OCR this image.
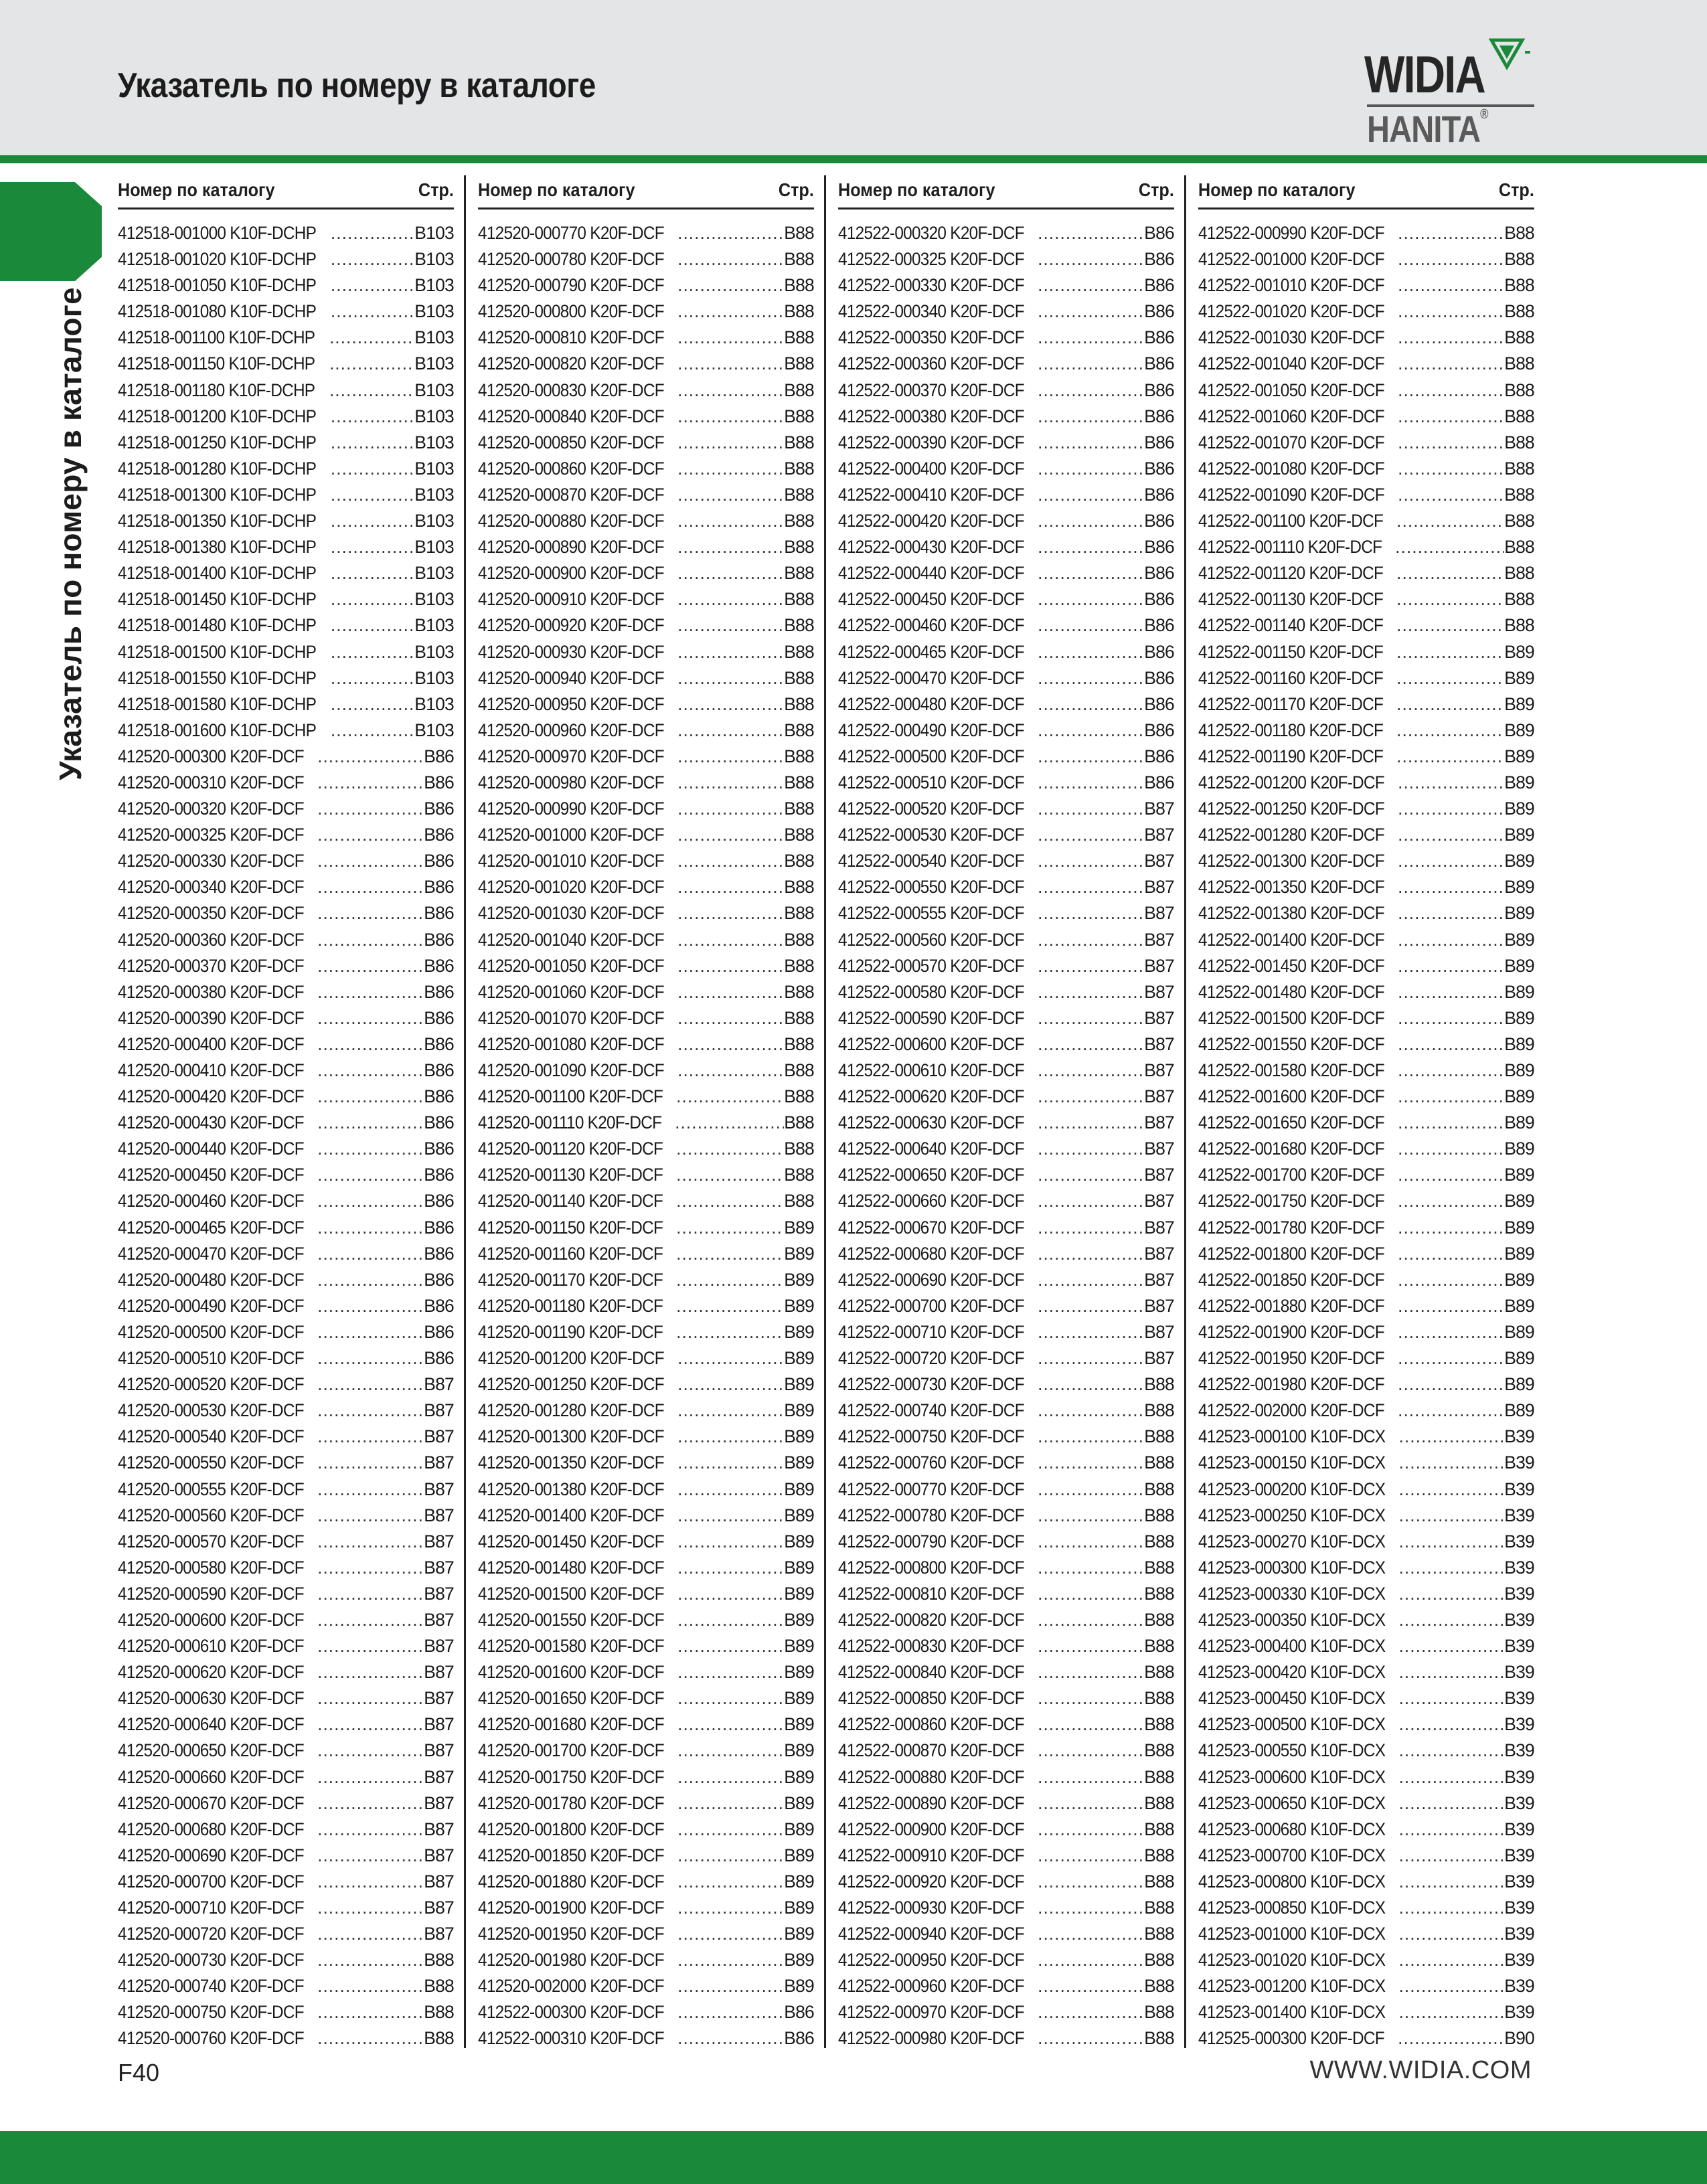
Указатель по номеру в каталоге	WIDIA
HANITA®
Указатель по номеру в каталоге
Номер по каталогу	Стр.
412518-001000 K10F-DCHP .....	B103
412518-001020 K10F-DCHP .....	B103
412518-001050 K10F-DCHP .....	B103
412518-001080 K10F-DCHP .....	B103
412518-001100 K10F-DCHP .....	B103
412518-001150 K10F-DCHP .....	B103
412518-001180 K10F-DCHP .....	B103
412518-001200 K10F-DCHP .....	B103
412518-001250 K10F-DCHP .....	B103
412518-001280 K10F-DCHP .....	B103
412518-001300 K10F-DCHP .....	B103
412518-001350 K10F-DCHP .....	B103
412518-001380 K10F-DCHP .....	B103
412518-001400 K10F-DCHP .....	B103
412518-001450 K10F-DCHP .....	B103
412518-001480 K10F-DCHP .....	B103
412518-001500 K10F-DCHP .....	B103
412518-001550 K10F-DCHP .....	B103
412518-001580 K10F-DCHP .....	B103
412518-001600 K10F-DCHP .....	B103
412520-000300 K20F-DCF .....	B86
412520-000310 K20F-DCF .....	B86
412520-000320 K20F-DCF .....	B86
412520-000325 K20F-DCF .....	B86
412520-000330 K20F-DCF .....	B86
412520-000340 K20F-DCF .....	B86
412520-000350 K20F-DCF .....	B86
412520-000360 K20F-DCF .....	B86
412520-000370 K20F-DCF .....	B86
412520-000380 K20F-DCF .....	B86
412520-000390 K20F-DCF .....	B86
412520-000400 K20F-DCF .....	B86
412520-000410 K20F-DCF .....	B86
412520-000420 K20F-DCF .....	B86
412520-000430 K20F-DCF .....	B86
412520-000440 K20F-DCF .....	B86
412520-000450 K20F-DCF .....	B86
412520-000460 K20F-DCF .....	B86
412520-000465 K20F-DCF .....	B86
412520-000470 K20F-DCF .....	B86
412520-000480 K20F-DCF .....	B86
412520-000490 K20F-DCF .....	B86
412520-000500 K20F-DCF .....	B86
412520-000510 K20F-DCF .....	B86
412520-000520 K20F-DCF .....	B87
412520-000530 K20F-DCF .....	B87
412520-000540 K20F-DCF .....	B87
412520-000550 K20F-DCF .....	B87
412520-000555 K20F-DCF .....	B87
412520-000560 K20F-DCF .....	B87
412520-000570 K20F-DCF .....	B87
412520-000580 K20F-DCF .....	B87
412520-000590 K20F-DCF .....	B87
412520-000600 K20F-DCF .....	B87
412520-000610 K20F-DCF .....	B87
412520-000620 K20F-DCF .....	B87
412520-000630 K20F-DCF .....	B87
412520-000640 K20F-DCF .....	B87
412520-000650 K20F-DCF .....	B87
412520-000660 K20F-DCF .....	B87
412520-000670 K20F-DCF .....	B87
412520-000680 K20F-DCF .....	B87
412520-000690 K20F-DCF .....	B87
412520-000700 K20F-DCF .....	B87
412520-000710 K20F-DCF .....	B87
412520-000720 K20F-DCF .....	B87
412520-000730 K20F-DCF .....	B88
412520-000740 K20F-DCF .....	B88
412520-000750 K20F-DCF .....	B88
412520-000760 K20F-DCF .....	B88
Номер по каталогу	Стр.
412520-000770 K20F-DCF .....	B88
412520-000780 K20F-DCF .....	B88
412520-000790 K20F-DCF .....	B88
412520-000800 K20F-DCF .....	B88
412520-000810 K20F-DCF .....	B88
412520-000820 K20F-DCF .....	B88
412520-000830 K20F-DCF .....	B88
412520-000840 K20F-DCF .....	B88
412520-000850 K20F-DCF .....	B88
412520-000860 K20F-DCF .....	B88
412520-000870 K20F-DCF .....	B88
412520-000880 K20F-DCF .....	B88
412520-000890 K20F-DCF .....	B88
412520-000900 K20F-DCF .....	B88
412520-000910 K20F-DCF .....	B88
412520-000920 K20F-DCF .....	B88
412520-000930 K20F-DCF .....	B88
412520-000940 K20F-DCF .....	B88
412520-000950 K20F-DCF .....	B88
412520-000960 K20F-DCF .....	B88
412520-000970 K20F-DCF .....	B88
412520-000980 K20F-DCF .....	B88
412520-000990 K20F-DCF .....	B88
412520-001000 K20F-DCF .....	B88
412520-001010 K20F-DCF .....	B88
412520-001020 K20F-DCF .....	B88
412520-001030 K20F-DCF .....	B88
412520-001040 K20F-DCF .....	B88
412520-001050 K20F-DCF .....	B88
412520-001060 K20F-DCF .....	B88
412520-001070 K20F-DCF .....	B88
412520-001080 K20F-DCF .....	B88
412520-001090 K20F-DCF .....	B88
412520-001100 K20F-DCF .....	B88
412520-001110 K20F-DCF .....	B88
412520-001120 K20F-DCF .....	B88
412520-001130 K20F-DCF .....	B88
412520-001140 K20F-DCF .....	B88
412520-001150 K20F-DCF .....	B89
412520-001160 K20F-DCF .....	B89
412520-001170 K20F-DCF .....	B89
412520-001180 K20F-DCF .....	B89
412520-001190 K20F-DCF .....	B89
412520-001200 K20F-DCF .....	B89
412520-001250 K20F-DCF .....	B89
412520-001280 K20F-DCF .....	B89
412520-001300 K20F-DCF .....	B89
412520-001350 K20F-DCF .....	B89
412520-001380 K20F-DCF .....	B89
412520-001400 K20F-DCF .....	B89
412520-001450 K20F-DCF .....	B89
412520-001480 K20F-DCF .....	B89
412520-001500 K20F-DCF .....	B89
412520-001550 K20F-DCF .....	B89
412520-001580 K20F-DCF .....	B89
412520-001600 K20F-DCF .....	B89
412520-001650 K20F-DCF .....	B89
412520-001680 K20F-DCF .....	B89
412520-001700 K20F-DCF .....	B89
412520-001750 K20F-DCF .....	B89
412520-001780 K20F-DCF .....	B89
412520-001800 K20F-DCF .....	B89
412520-001850 K20F-DCF .....	B89
412520-001880 K20F-DCF .....	B89
412520-001900 K20F-DCF .....	B89
412520-001950 K20F-DCF .....	B89
412520-001980 K20F-DCF .....	B89
412520-002000 K20F-DCF .....	B89
412522-000300 K20F-DCF .....	B86
412522-000310 K20F-DCF .....	B86
Номер по каталогу	Стр.
412522-000320 K20F-DCF .....	B86
412522-000325 K20F-DCF .....	B86
412522-000330 K20F-DCF .....	B86
412522-000340 K20F-DCF .....	B86
412522-000350 K20F-DCF .....	B86
412522-000360 K20F-DCF .....	B86
412522-000370 K20F-DCF .....	B86
412522-000380 K20F-DCF .....	B86
412522-000390 K20F-DCF .....	B86
412522-000400 K20F-DCF .....	B86
412522-000410 K20F-DCF .....	B86
412522-000420 K20F-DCF .....	B86
412522-000430 K20F-DCF .....	B86
412522-000440 K20F-DCF .....	B86
412522-000450 K20F-DCF .....	B86
412522-000460 K20F-DCF .....	B86
412522-000465 K20F-DCF .....	B86
412522-000470 K20F-DCF .....	B86
412522-000480 K20F-DCF .....	B86
412522-000490 K20F-DCF .....	B86
412522-000500 K20F-DCF .....	B86
412522-000510 K20F-DCF .....	B86
412522-000520 K20F-DCF .....	B87
412522-000530 K20F-DCF .....	B87
412522-000540 K20F-DCF .....	B87
412522-000550 K20F-DCF .....	B87
412522-000555 K20F-DCF .....	B87
412522-000560 K20F-DCF .....	B87
412522-000570 K20F-DCF .....	B87
412522-000580 K20F-DCF .....	B87
412522-000590 K20F-DCF .....	B87
412522-000600 K20F-DCF .....	B87
412522-000610 K20F-DCF .....	B87
412522-000620 K20F-DCF .....	B87
412522-000630 K20F-DCF .....	B87
412522-000640 K20F-DCF .....	B87
412522-000650 K20F-DCF .....	B87
412522-000660 K20F-DCF .....	B87
412522-000670 K20F-DCF .....	B87
412522-000680 K20F-DCF .....	B87
412522-000690 K20F-DCF .....	B87
412522-000700 K20F-DCF .....	B87
412522-000710 K20F-DCF .....	B87
412522-000720 K20F-DCF .....	B87
412522-000730 K20F-DCF .....	B88
412522-000740 K20F-DCF .....	B88
412522-000750 K20F-DCF .....	B88
412522-000760 K20F-DCF .....	B88
412522-000770 K20F-DCF .....	B88
412522-000780 K20F-DCF .....	B88
412522-000790 K20F-DCF .....	B88
412522-000800 K20F-DCF .....	B88
412522-000810 K20F-DCF .....	B88
412522-000820 K20F-DCF .....	B88
412522-000830 K20F-DCF .....	B88
412522-000840 K20F-DCF .....	B88
412522-000850 K20F-DCF .....	B88
412522-000860 K20F-DCF .....	B88
412522-000870 K20F-DCF .....	B88
412522-000880 K20F-DCF .....	B88
412522-000890 K20F-DCF .....	B88
412522-000900 K20F-DCF .....	B88
412522-000910 K20F-DCF .....	B88
412522-000920 K20F-DCF .....	B88
412522-000930 K20F-DCF .....	B88
412522-000940 K20F-DCF .....	B88
412522-000950 K20F-DCF .....	B88
412522-000960 K20F-DCF .....	B88
412522-000970 K20F-DCF .....	B88
412522-000980 K20F-DCF .....	B88
Номер по каталогу	Стр.
412522-000990 K20F-DCF .....	B88
412522-001000 K20F-DCF .....	B88
412522-001010 K20F-DCF .....	B88
412522-001020 K20F-DCF .....	B88
412522-001030 K20F-DCF .....	B88
412522-001040 K20F-DCF .....	B88
412522-001050 K20F-DCF .....	B88
412522-001060 K20F-DCF .....	B88
412522-001070 K20F-DCF .....	B88
412522-001080 K20F-DCF .....	B88
412522-001090 K20F-DCF .....	B88
412522-001100 K20F-DCF .....	B88
412522-001110 K20F-DCF .....	B88
412522-001120 K20F-DCF .....	B88
412522-001130 K20F-DCF .....	B88
412522-001140 K20F-DCF .....	B88
412522-001150 K20F-DCF .....	B89
412522-001160 K20F-DCF .....	B89
412522-001170 K20F-DCF .....	B89
412522-001180 K20F-DCF .....	B89
412522-001190 K20F-DCF .....	B89
412522-001200 K20F-DCF .....	B89
412522-001250 K20F-DCF .....	B89
412522-001280 K20F-DCF .....	B89
412522-001300 K20F-DCF .....	B89
412522-001350 K20F-DCF .....	B89
412522-001380 K20F-DCF .....	B89
412522-001400 K20F-DCF .....	B89
412522-001450 K20F-DCF .....	B89
412522-001480 K20F-DCF .....	B89
412522-001500 K20F-DCF .....	B89
412522-001550 K20F-DCF .....	B89
412522-001580 K20F-DCF .....	B89
412522-001600 K20F-DCF .....	B89
412522-001650 K20F-DCF .....	B89
412522-001680 K20F-DCF .....	B89
412522-001700 K20F-DCF .....	B89
412522-001750 K20F-DCF .....	B89
412522-001780 K20F-DCF .....	B89
412522-001800 K20F-DCF .....	B89
412522-001850 K20F-DCF .....	B89
412522-001880 K20F-DCF .....	B89
412522-001900 K20F-DCF .....	B89
412522-001950 K20F-DCF .....	B89
412522-001980 K20F-DCF .....	B89
412522-002000 K20F-DCF .....	B89
412523-000100 K10F-DCX .....	B39
412523-000150 K10F-DCX .....	B39
412523-000200 K10F-DCX .....	B39
412523-000250 K10F-DCX .....	B39
412523-000270 K10F-DCX .....	B39
412523-000300 K10F-DCX .....	B39
412523-000330 K10F-DCX .....	B39
412523-000350 K10F-DCX .....	B39
412523-000400 K10F-DCX .....	B39
412523-000420 K10F-DCX .....	B39
412523-000450 K10F-DCX .....	B39
412523-000500 K10F-DCX .....	B39
412523-000550 K10F-DCX .....	B39
412523-000600 K10F-DCX .....	B39
412523-000650 K10F-DCX .....	B39
412523-000680 K10F-DCX .....	B39
412523-000700 K10F-DCX .....	B39
412523-000800 K10F-DCX .....	B39
412523-000850 K10F-DCX .....	B39
412523-001000 K10F-DCX .....	B39
412523-001020 K10F-DCX .....	B39
412523-001200 K10F-DCX .....	B39
412523-001400 K10F-DCX .....	B39
412525-000300 K20F-DCF .....	B90
F40	WWW.WIDIA.COM
